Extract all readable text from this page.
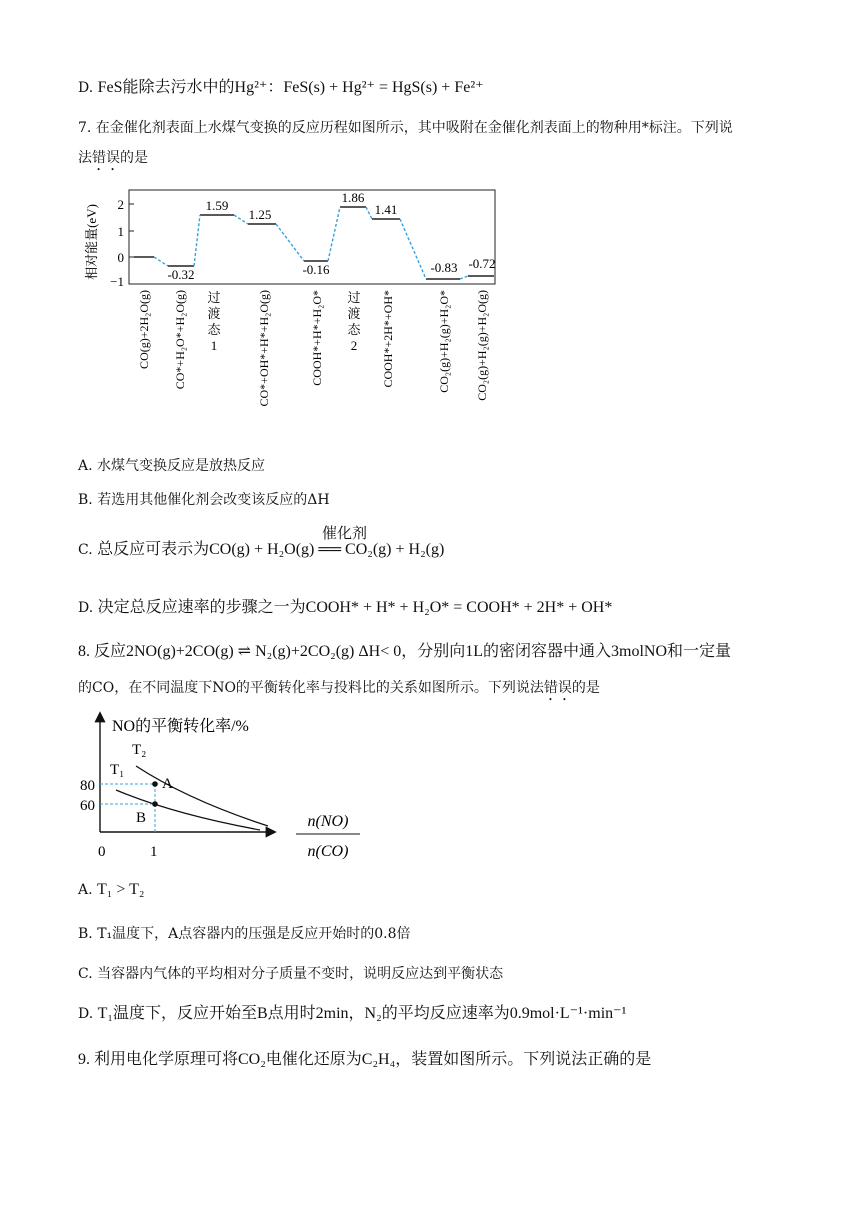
D. FeS能除去污水中的Hg²⁺：FeS(s) + Hg²⁺ = HgS(s) + Fe²⁺
7. 在金催化剂表面上水煤气变换的反应历程如图所示，其中吸附在金催化剂表面上的物种用*标注。下列说
法错误的是
相对能量(eV) 2
1
0
−1	-0.32
1.59
1.25
-0.16
1.86
1.41
-0.83 -0.72
CO(g)+2H₂O(g) CO*+H₂O*+H₂O(g)	CO*+OH*+H*+H₂O(g)	COOH*+H*+H₂O*	COOH*+2H*+OH*	CO₂(g)+H₂(g)+H₂O* CO₂(g)+H₂(g)+H₂O(g)
过
渡
态
1
过
渡
态
2
A. 水煤气变换反应是放热反应
B. 若选用其他催化剂会改变该反应的ΔH
C. 总反应可表示为CO(g) + H₂O(g) ══ CO₂(g) + H₂(g)
催化剂
D. 决定总反应速率的步骤之一为COOH* + H* + H₂O* = COOH* + 2H* + OH*
8. 反应2NO(g)+2CO(g) ⇌ N₂(g)+2CO₂(g) ΔH< 0，分别向1L的密闭容器中通入3molNO和一定量
的CO，在不同温度下NO的平衡转化率与投料比的关系如图所示。下列说法错误的是
NO的平衡转化率/%
T₁
T₂
A
B
80
60
0	1
n(NO)
n(CO)
A. T₁ > T₂
B. T₁温度下，A点容器内的压强是反应开始时的0.8倍
C. 当容器内气体的平均相对分子质量不变时，说明反应达到平衡状态
D. T₁温度下，反应开始至B点用时2min，N₂的平均反应速率为0.9mol·L⁻¹·min⁻¹
9. 利用电化学原理可将CO₂电催化还原为C₂H₄，装置如图所示。下列说法正确的是
